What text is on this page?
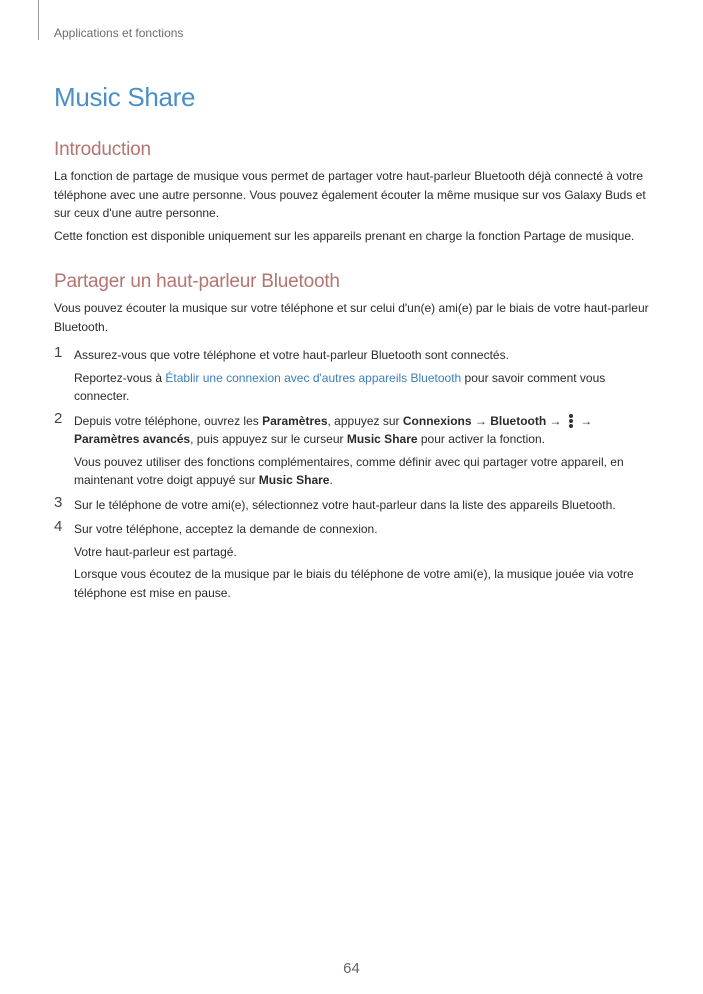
Applications et fonctions
Music Share
Introduction

La fonction de partage de musique vous permet de partager votre haut-parleur Bluetooth déjà connecté à votre téléphone avec une autre personne. Vous pouvez également écouter la même musique sur vos Galaxy Buds et sur ceux d'une autre personne.

Cette fonction est disponible uniquement sur les appareils prenant en charge la fonction Partage de musique.

Partager un haut-parleur Bluetooth

Vous pouvez écouter la musique sur votre téléphone et sur celui d'un(e) ami(e) par le biais de votre haut-parleur Bluetooth.

1 Assurez-vous que votre téléphone et votre haut-parleur Bluetooth sont connectés.

Reportez-vous à Établir une connexion avec d'autres appareils Bluetooth pour savoir comment vous connecter.

2 Depuis votre téléphone, ouvrez les Paramètres, appuyez sur Connexions → Bluetooth →
→
Paramètres avancés, puis appuyez sur le curseur Music Share pour activer la fonction.

Vous pouvez utiliser des fonctions complémentaires, comme définir avec qui partager votre appareil, en maintenant votre doigt appuyé sur Music Share.

3 Sur le téléphone de votre ami(e), sélectionnez votre haut-parleur dans la liste des appareils Bluetooth.

4 Sur votre téléphone, acceptez la demande de connexion.

Votre haut-parleur est partagé.

Lorsque vous écoutez de la musique par le biais du téléphone de votre ami(e), la musique jouée via votre téléphone est mise en pause.

64
